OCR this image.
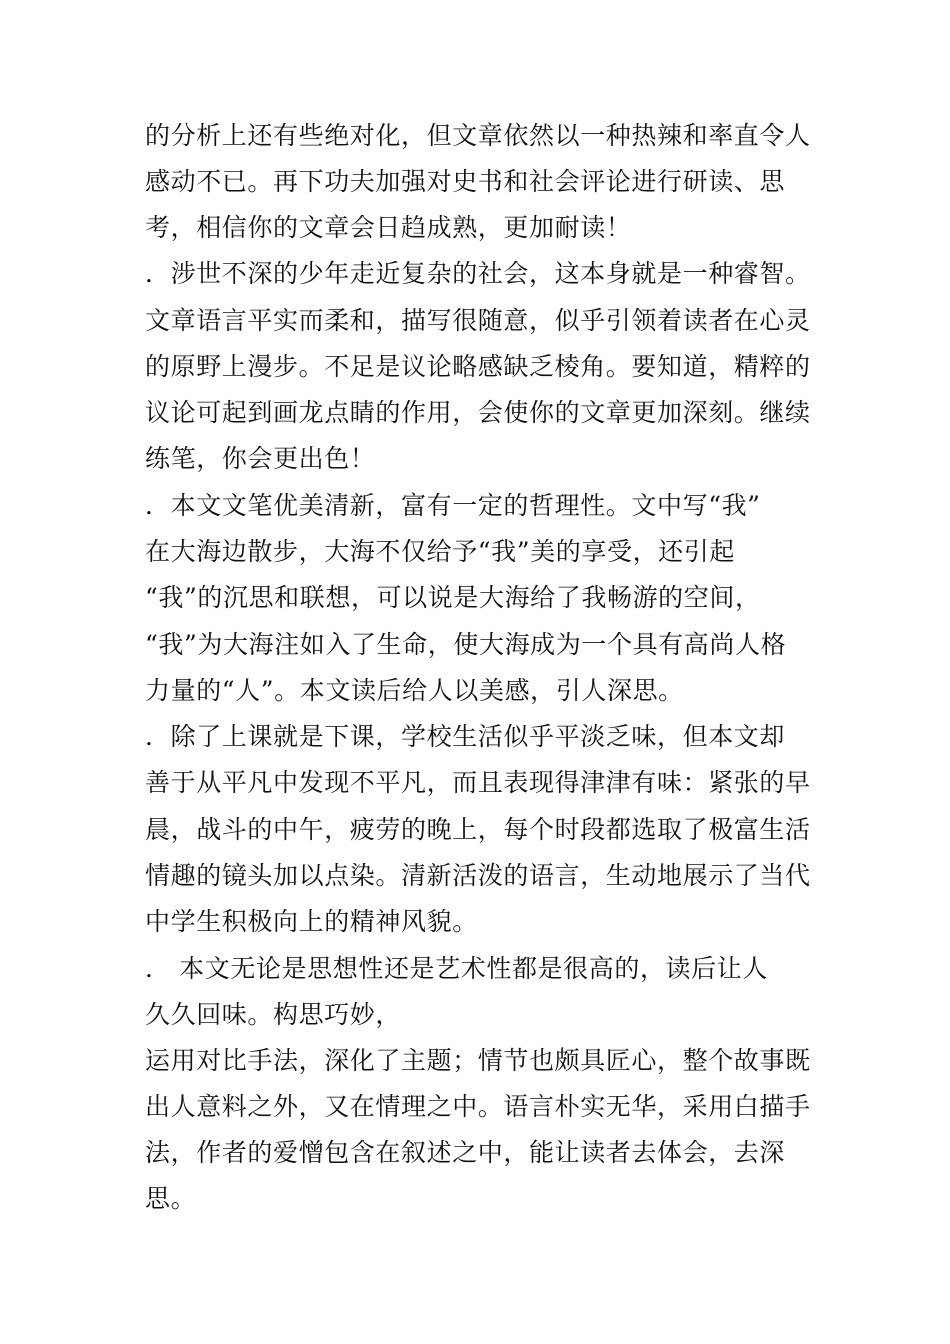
的分析上还有些绝对化，但文章依然以一种热辣和率直令人
感动不已。再下功夫加强对史书和社会评论进行研读、思
考，相信你的文章会日趋成熟，更加耐读！
．涉世不深的少年走近复杂的社会，这本身就是一种睿智。
文章语言平实而柔和，描写很随意，似乎引领着读者在心灵
的原野上漫步。不足是议论略感缺乏棱角。要知道，精粹的
议论可起到画龙点睛的作用，会使你的文章更加深刻。继续
练笔，你会更出色！
．本文文笔优美清新，富有一定的哲理性。文中写“我”
在大海边散步，大海不仅给予“我”美的享受，还引起
“我”的沉思和联想，可以说是大海给了我畅游的空间，
“我”为大海注如入了生命，使大海成为一个具有高尚人格
力量的“人”。本文读后给人以美感，引人深思。
．除了上课就是下课，学校生活似乎平淡乏味，但本文却
善于从平凡中发现不平凡，而且表现得津津有味：紧张的早
晨，战斗的中午，疲劳的晚上，每个时段都选取了极富生活
情趣的镜头加以点染。清新活泼的语言，生动地展示了当代
中学生积极向上的精神风貌。
． 本文无论是思想性还是艺术性都是很高的，读后让人
久久回味。构思巧妙，
运用对比手法，深化了主题；情节也颇具匠心，整个故事既
出人意料之外，又在情理之中。语言朴实无华，采用白描手
法，作者的爱憎包含在叙述之中，能让读者去体会，去深
思。
